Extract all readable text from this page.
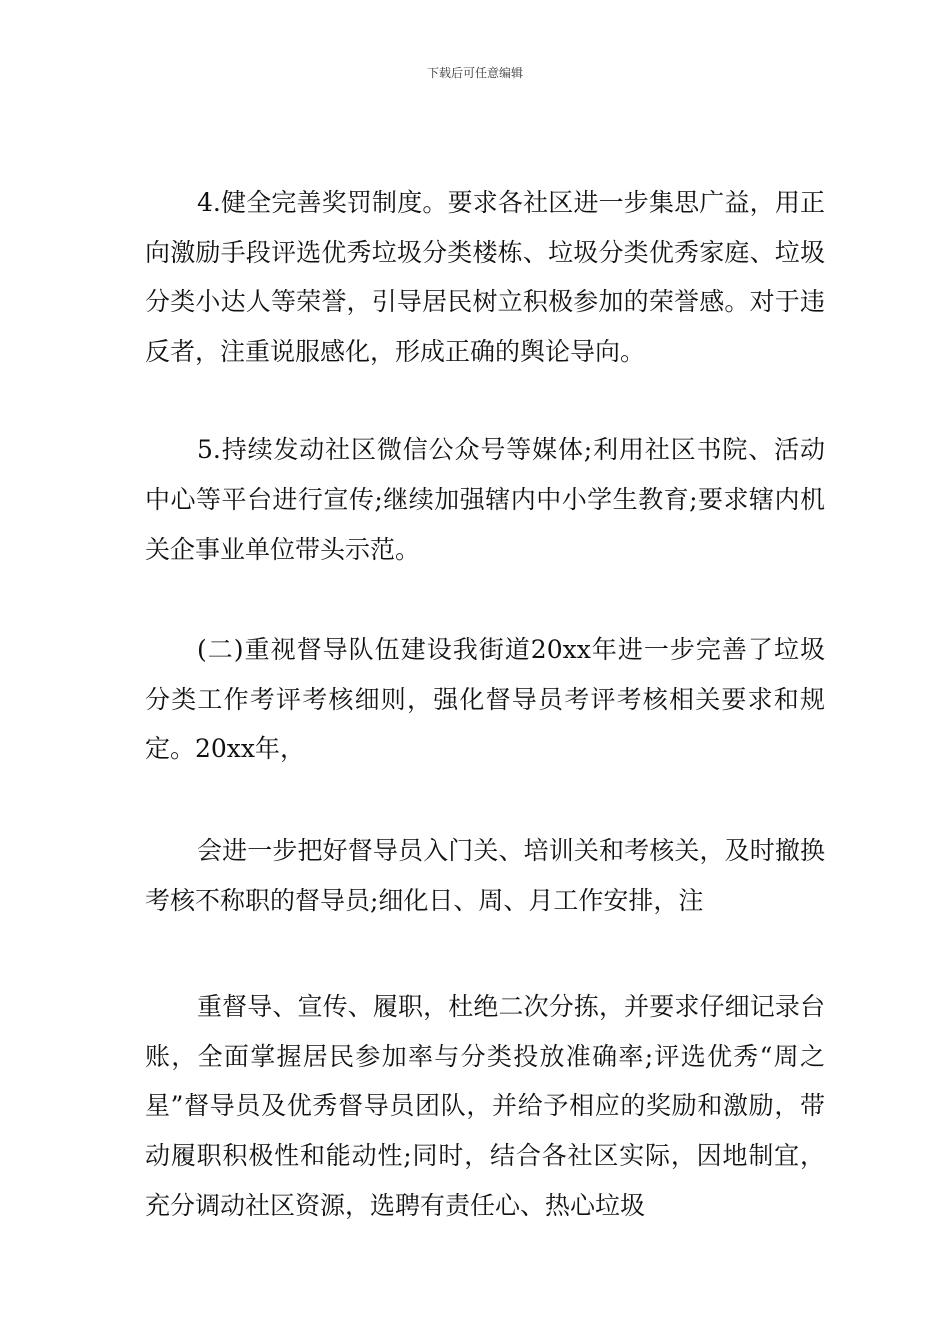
下载后可任意编辑

4.健全完善奖罚制度。要求各社区进一步集思广益，用正向激励手段评选优秀垃圾分类楼栋、垃圾分类优秀家庭、垃圾分类小达人等荣誉，引导居民树立积极参加的荣誉感。对于违反者，注重说服感化，形成正确的舆论导向。

5.持续发动社区微信公众号等媒体;利用社区书院、活动中心等平台进行宣传;继续加强辖内中小学生教育;要求辖内机关企事业单位带头示范。

(二)重视督导队伍建设我街道20xx年进一步完善了垃圾分类工作考评考核细则，强化督导员考评考核相关要求和规定。20xx年，

会进一步把好督导员入门关、培训关和考核关，及时撤换考核不称职的督导员;细化日、周、月工作安排，注

重督导、宣传、履职，杜绝二次分拣，并要求仔细记录台账，全面掌握居民参加率与分类投放准确率;评选优秀“周之星”督导员及优秀督导员团队，并给予相应的奖励和激励，带动履职积极性和能动性;同时，结合各社区实际，因地制宜，充分调动社区资源，选聘有责任心、热心垃圾
